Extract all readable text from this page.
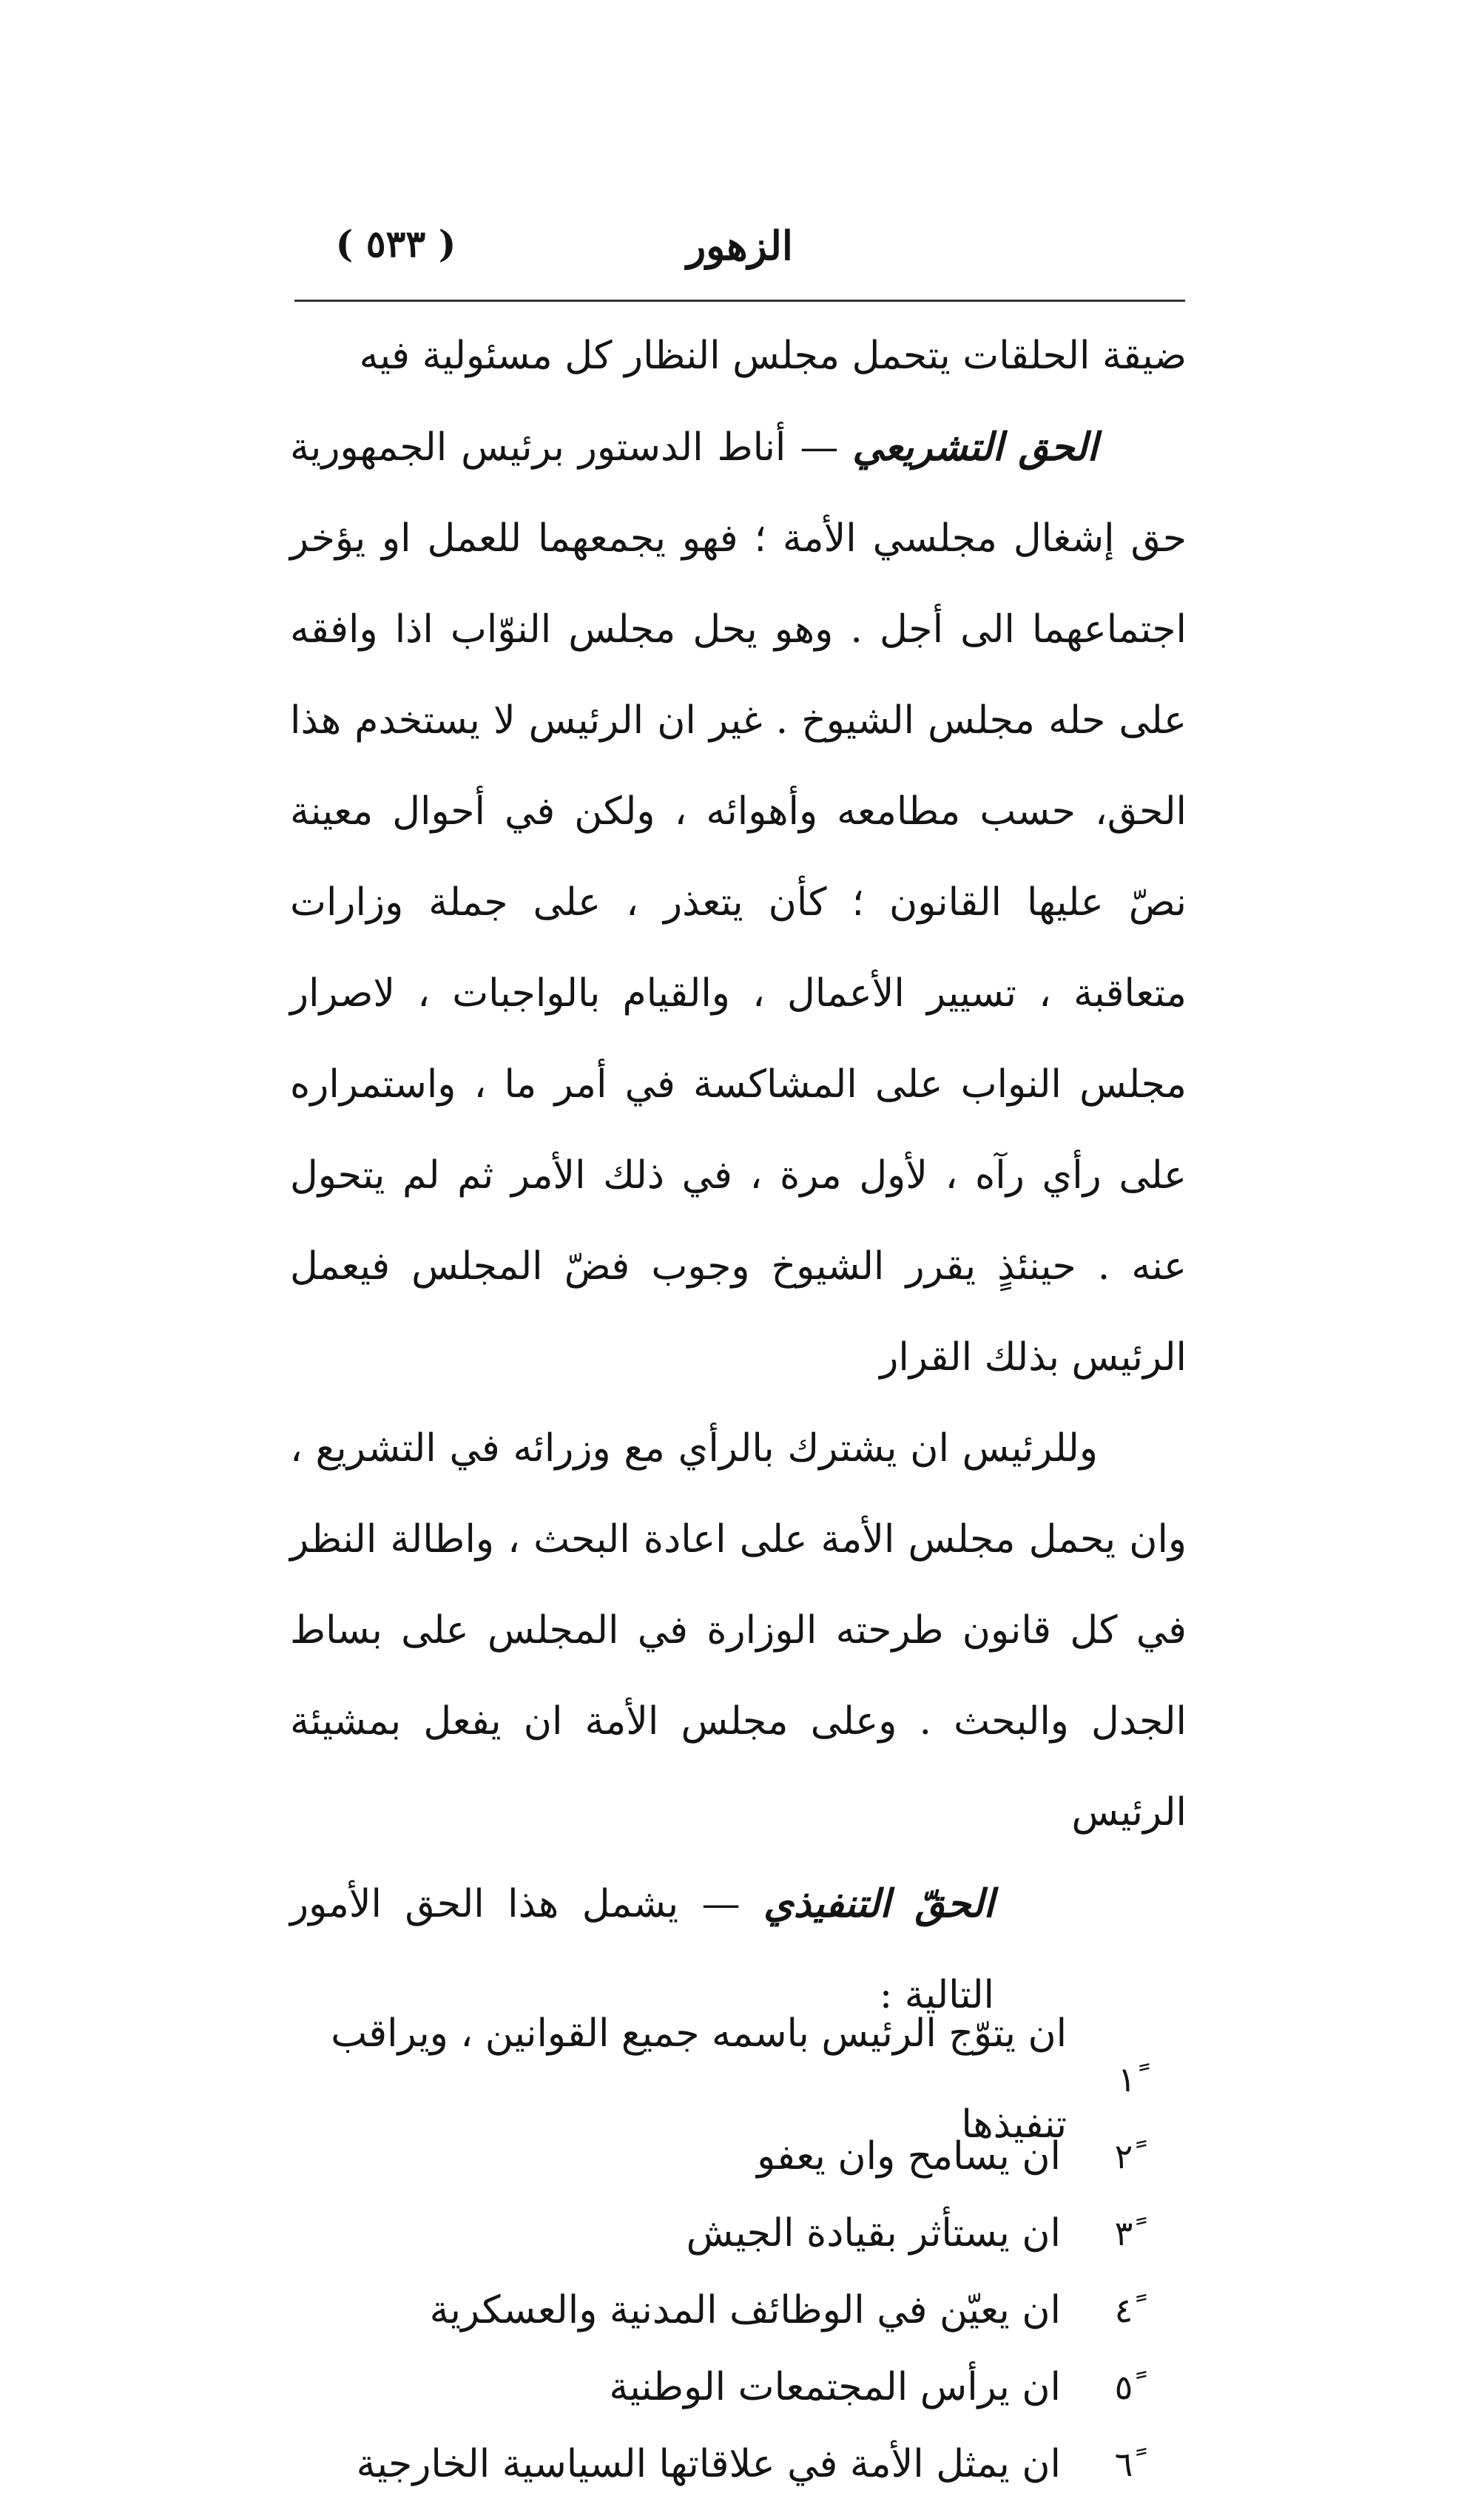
الزهور
( ٥٣٣ )

ضيقة الحلقات يتحمل مجلس النظار كل مسئولية فيه

الحق التشريعي — أناط الدستور برئيس الجمهورية حق إشغال مجلسي الأمة ؛ فهو يجمعهما للعمل او يؤخر اجتماعهما الى أجل . وهو يحل مجلس النوّاب اذا وافقه على حله مجلس الشيوخ . غير ان الرئيس لا يستخدم هذا الحق، حسب مطامعه وأهوائه ، ولكن في أحوال معينة نصّ عليها القانون ؛ كأن يتعذر ، على جملة وزارات متعاقبة ، تسيير الأعمال ، والقيام بالواجبات ، لاصرار مجلس النواب على المشاكسة في أمر ما ، واستمراره على رأي رآه ، لأول مرة ، في ذلك الأمر ثم لم يتحول عنه . حينئذٍ يقرر الشيوخ وجوب فضّ المجلس فيعمل الرئيس بذلك القرار

وللرئيس ان يشترك بالرأي مع وزرائه في التشريع ، وان يحمل مجلس الأمة على اعادة البحث ، واطالة النظر في كل قانون طرحته الوزارة في المجلس على بساط الجدل والبحث . وعلى مجلس الأمة ان يفعل بمشيئة الرئيس

الحقّ التنفيذي — يشمل هذا الحق الأمور التالية :

١ً
ان يتوّج الرئيس باسمه جميع القوانين ، ويراقب تنفيذها
٢ً
ان يسامح وان يعفو
٣ً
ان يستأثر بقيادة الجيش
٤ً
ان يعيّن في الوظائف المدنية والعسكرية
٥ً
ان يرأس المجتمعات الوطنية
٦ً
ان يمثل الأمة في علاقاتها السياسية الخارجية
